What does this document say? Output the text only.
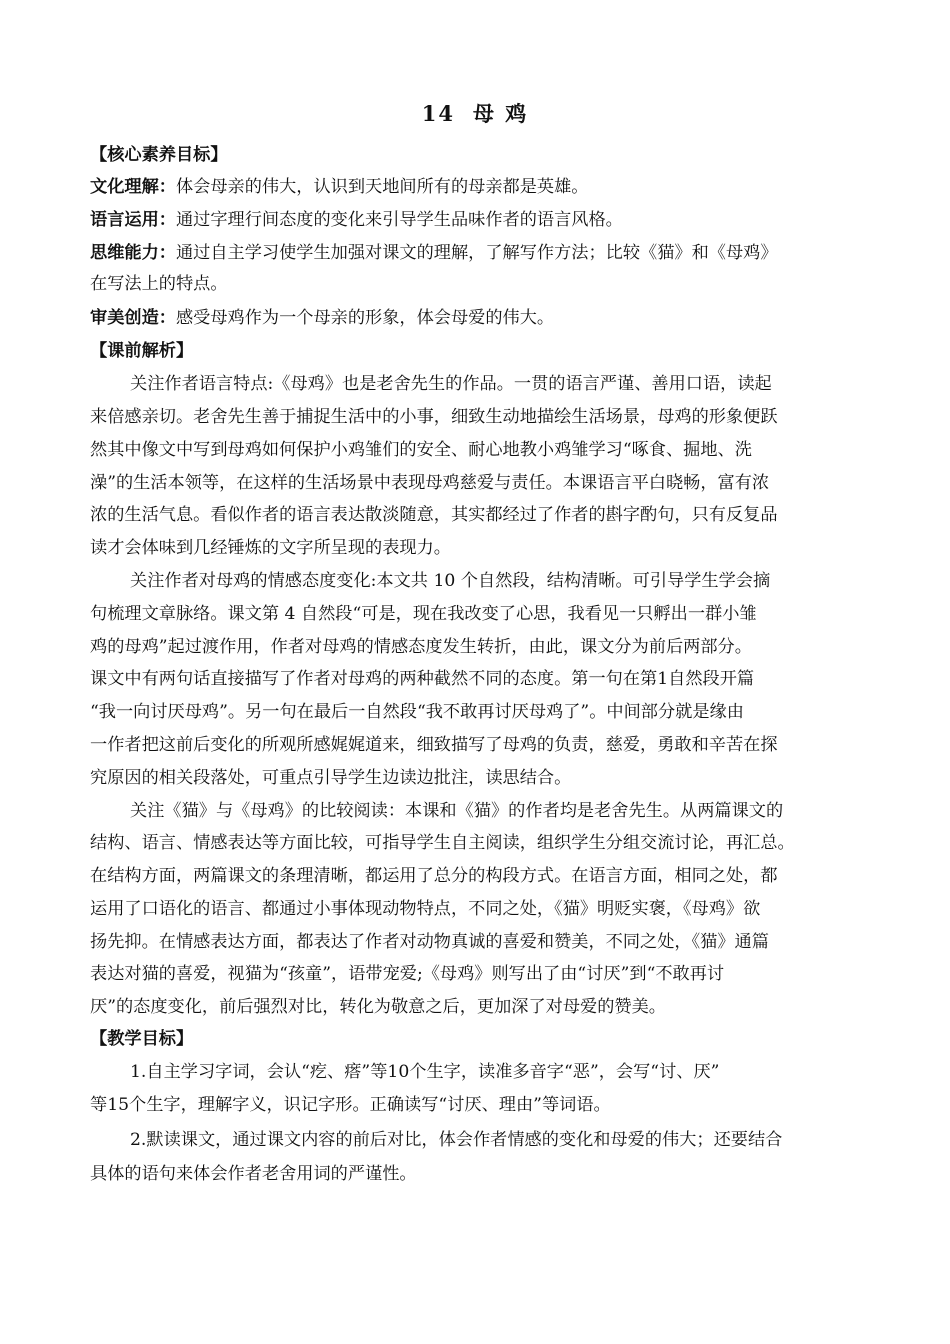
14 母 鸡
【核心素养目标】
文化理解：体会母亲的伟大，认识到天地间所有的母亲都是英雄。
语言运用：通过字理行间态度的变化来引导学生品味作者的语言风格。
思维能力：通过自主学习使学生加强对课文的理解，了解写作方法；比较《猫》和《母鸡》
在写法上的特点。
审美创造：感受母鸡作为一个母亲的形象，体会母爱的伟大。
【课前解析】
关注作者语言特点:《母鸡》也是老舍先生的作品。一贯的语言严谨、善用口语，读起
来倍感亲切。老舍先生善于捕捉生活中的小事，细致生动地描绘生活场景，母鸡的形象便跃
然其中像文中写到母鸡如何保护小鸡雏们的安全、耐心地教小鸡雏学习“啄食、掘地、洗
澡”的生活本领等，在这样的生活场景中表现母鸡慈爱与责任。本课语言平白晓畅，富有浓
浓的生活气息。看似作者的语言表达散淡随意，其实都经过了作者的斟字酌句，只有反复品
读才会体味到几经锤炼的文字所呈现的表现力。
关注作者对母鸡的情感态度变化:本文共 10 个自然段，结构清晰。可引导学生学会摘
句梳理文章脉络。课文第 4 自然段“可是，现在我改变了心思，我看见一只孵出一群小雏
鸡的母鸡”起过渡作用，作者对母鸡的情感态度发生转折，由此，课文分为前后两部分。
课文中有两句话直接描写了作者对母鸡的两种截然不同的态度。第一句在第1自然段开篇
“我一向讨厌母鸡”。另一句在最后一自然段“我不敢再讨厌母鸡了”。中间部分就是缘由
一作者把这前后变化的所观所感娓娓道来，细致描写了母鸡的负责，慈爱，勇敢和辛苦在探
究原因的相关段落处，可重点引导学生边读边批注，读思结合。
关注《猫》与《母鸡》的比较阅读：本课和《猫》的作者均是老舍先生。从两篇课文的
结构、语言、情感表达等方面比较，可指导学生自主阅读，组织学生分组交流讨论，再汇总。
在结构方面，两篇课文的条理清晰，都运用了总分的构段方式。在语言方面，相同之处，都
运用了口语化的语言、都通过小事体现动物特点，不同之处，《猫》明贬实褒，《母鸡》欲
扬先抑。在情感表达方面，都表达了作者对动物真诚的喜爱和赞美，不同之处，《猫》通篇
表达对猫的喜爱，视猫为“孩童”，语带宠爱;《母鸡》则写出了由“讨厌”到“不敢再讨
厌”的态度变化，前后强烈对比，转化为敬意之后，更加深了对母爱的赞美。
【教学目标】
1.自主学习字词，会认“疙、瘩”等10个生字，读准多音字“恶”，会写“讨、厌”
等15个生字，理解字义，识记字形。正确读写“讨厌、理由”等词语。
2.默读课文，通过课文内容的前后对比，体会作者情感的变化和母爱的伟大；还要结合
具体的语句来体会作者老舍用词的严谨性。
